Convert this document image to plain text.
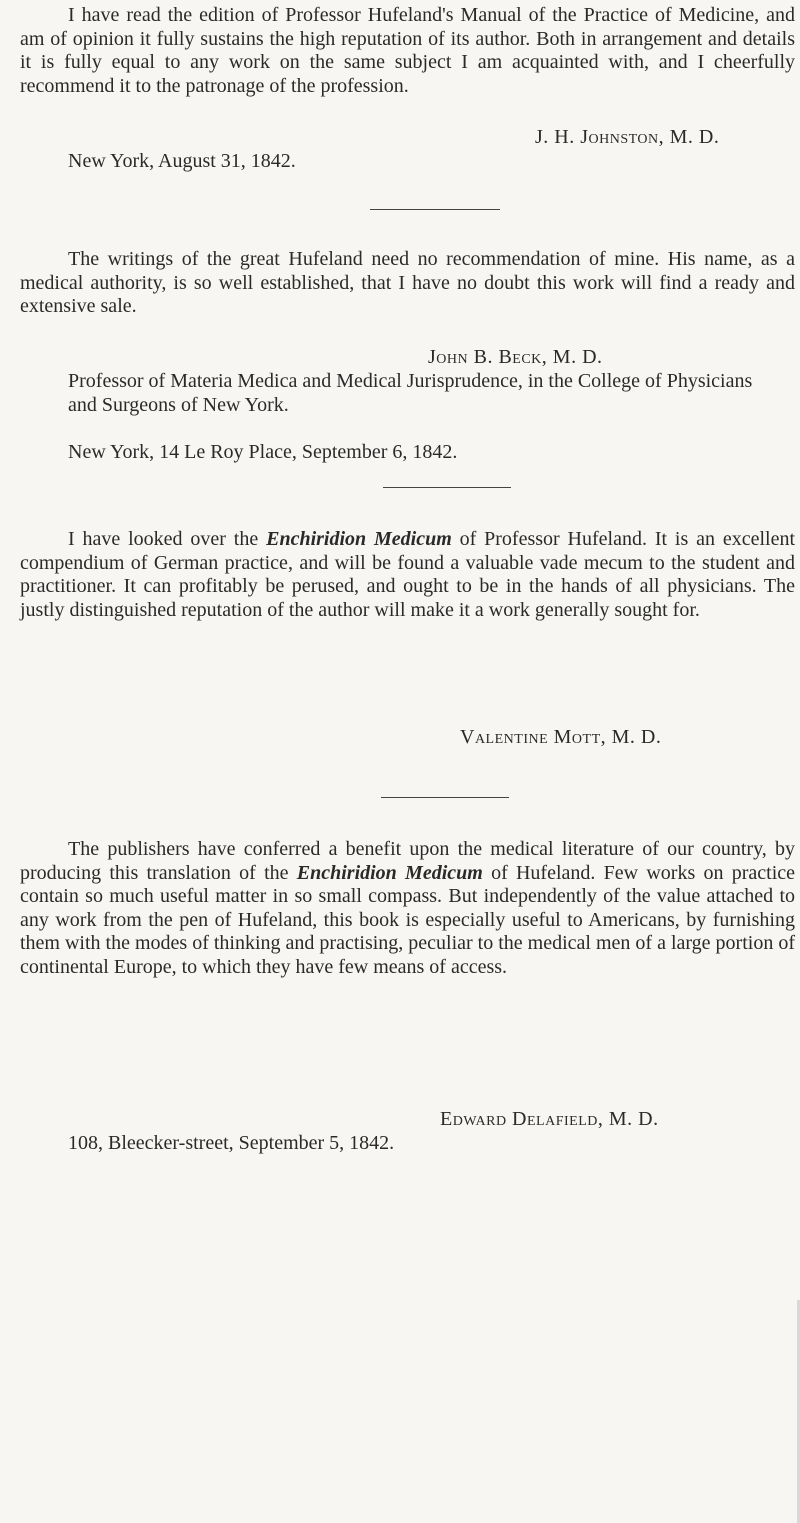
I have read the edition of Professor Hufeland's Manual of the Practice of Medicine, and am of opinion it fully sustains the high reputation of its author. Both in arrangement and details it is fully equal to any work on the same subject I am acquainted with, and I cheerfully recommend it to the patronage of the profession.

J. H. Johnston, M. D.
New York, August 31, 1842.

The writings of the great Hufeland need no recommendation of mine. His name, as a medical authority, is so well established, that I have no doubt this work will find a ready and extensive sale.

John B. Beck, M. D.

Professor of Materia Medica and Medical Jurisprudence, in the College of Physicians and Surgeons of New York.

New York, 14 Le Roy Place, September 6, 1842.

I have looked over the Enchiridion Medicum of Professor Hufeland. It is an excellent compendium of German practice, and will be found a valuable vade mecum to the student and practitioner. It can profitably be perused, and ought to be in the hands of all physicians. The justly distinguished reputation of the author will make it a work generally sought for.

Valentine Mott, M. D.

The publishers have conferred a benefit upon the medical literature of our country, by producing this translation of the Enchiridion Medicum of Hufeland. Few works on practice contain so much useful matter in so small compass. But independently of the value attached to any work from the pen of Hufeland, this book is especially useful to Americans, by furnishing them with the modes of thinking and practising, peculiar to the medical men of a large portion of continental Europe, to which they have few means of access.

Edward Delafield, M. D.
108, Bleecker-street, September 5, 1842.
